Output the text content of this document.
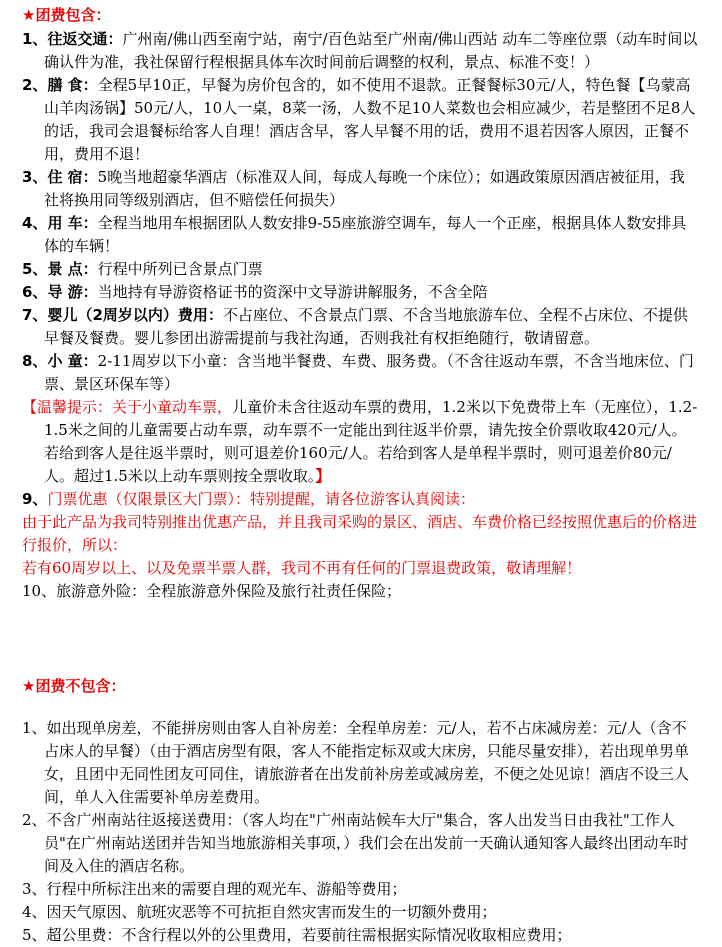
★团费包含：

1、往返交通：广州南/佛山西至南宁站，南宁/百色站至广州南/佛山西站 动车二等座位票（动车时间以确认件为准，我社保留行程根据具体车次时间前后调整的权利，景点、标准不变！）

2、膳 食：全程5早10正，早餐为房价包含的，如不使用不退款。正餐餐标30元/人，特色餐【乌蒙高山羊肉汤锅】50元/人，10人一桌，8菜一汤，人数不足10人菜数也会相应减少，若是整团不足8人的话，我司会退餐标给客人自理！酒店含早，客人早餐不用的话，费用不退若因客人原因，正餐不用，费用不退！

3、住 宿：5晚当地超豪华酒店（标准双人间，每成人每晚一个床位）；如遇政策原因酒店被征用，我社将换用同等级别酒店，但不赔偿任何损失）

4、用 车：全程当地用车根据团队人数安排9-55座旅游空调车，每人一个正座，根据具体人数安排具体的车辆！

5、景 点：行程中所列已含景点门票

6、导 游：当地持有导游资格证书的资深中文导游讲解服务，不含全陪

7、婴儿（2周岁以内）费用：不占座位、不含景点门票、不含当地旅游车位、全程不占床位、不提供早餐及餐费。婴儿参团出游需提前与我社沟通，否则我社有权拒绝随行，敬请留意。

8、小 童：2-11周岁以下小童：含当地半餐费、车费、服务费。（不含往返动车票，不含当地床位、门票、景区环保车等）

【温馨提示：关于小童动车票，儿童价未含往返动车票的费用，1.2米以下免费带上车（无座位），1.2-1.5米之间的儿童需要占动车票，动车票不一定能出到往返半价票，请先按全价票收取420元/人。若给到客人是往返半票时，则可退差价160元/人。若给到客人是单程半票时，则可退差价80元/人。超过1.5米以上动车票则按全票收取。】

9、门票优惠（仅限景区大门票）：特别提醒，请各位游客认真阅读：

由于此产品为我司特别推出优惠产品，并且我司采购的景区、酒店、车费价格已经按照优惠后的价格进行报价，所以：

若有60周岁以上、以及免票半票人群，我司不再有任何的门票退费政策，敬请理解！

10、旅游意外险：全程旅游意外保险及旅行社责任保险；

★团费不包含：

1、如出现单房差，不能拼房则由客人自补房差：全程单房差：元/人，若不占床减房差：元/人（含不占床人的早餐）（由于酒店房型有限，客人不能指定标双或大床房，只能尽量安排），若出现单男单女，且团中无同性团友可同住，请旅游者在出发前补房差或减房差，不便之处见谅！酒店不设三人间，单人入住需要补单房差费用。

2、不含广州南站往返接送费用：（客人均在"广州南站候车大厅"集合，客人出发当日由我社"工作人员"在广州南站送团并告知当地旅游相关事项，）我们会在出发前一天确认通知客人最终出团动车时间及入住的酒店名称。

3、行程中所标注出来的需要自理的观光车、游船等费用；

4、因天气原因、航班灾恶等不可抗拒自然灾害而发生的一切额外费用；

5、超公里费：不含行程以外的公里费用，若要前往需根据实际情况收取相应费用；
